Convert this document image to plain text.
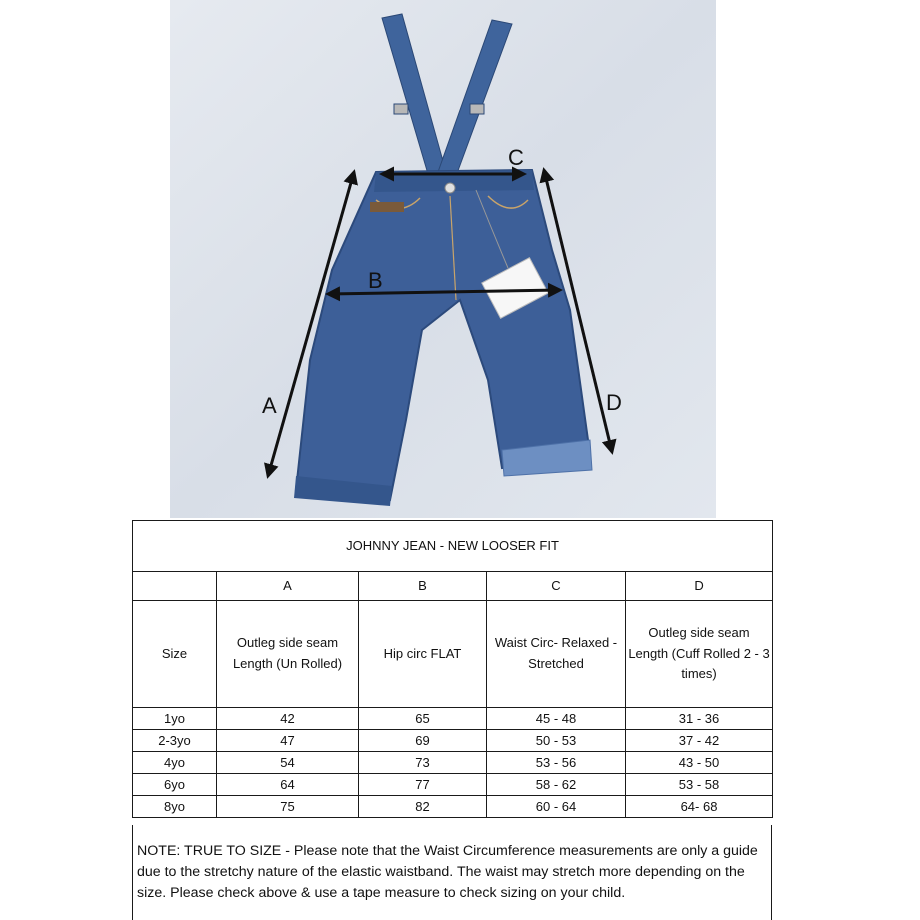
A
B
C
D
JOHNNY JEAN - NEW LOOSER FIT				
	A	B	C	D
Size	Outleg side seam Length (Un Rolled)	Hip circ FLAT	Waist Circ- Relaxed - Stretched	Outleg side seam Length (Cuff Rolled 2 - 3 times)
1yo	42	65	45 - 48	31 - 36
2-3yo	47	69	50 - 53	37 - 42
4yo	54	73	53 - 56	43 - 50
6yo	64	77	58 - 62	53 - 58
8yo	75	82	60 - 64	64- 68
NOTE: TRUE TO SIZE - Please note that the Waist Circumference measurements are only a guide due to the stretchy nature of the elastic waistband. The waist may stretch more depending on the size. Please check above & use a tape measure to check sizing on your child.
